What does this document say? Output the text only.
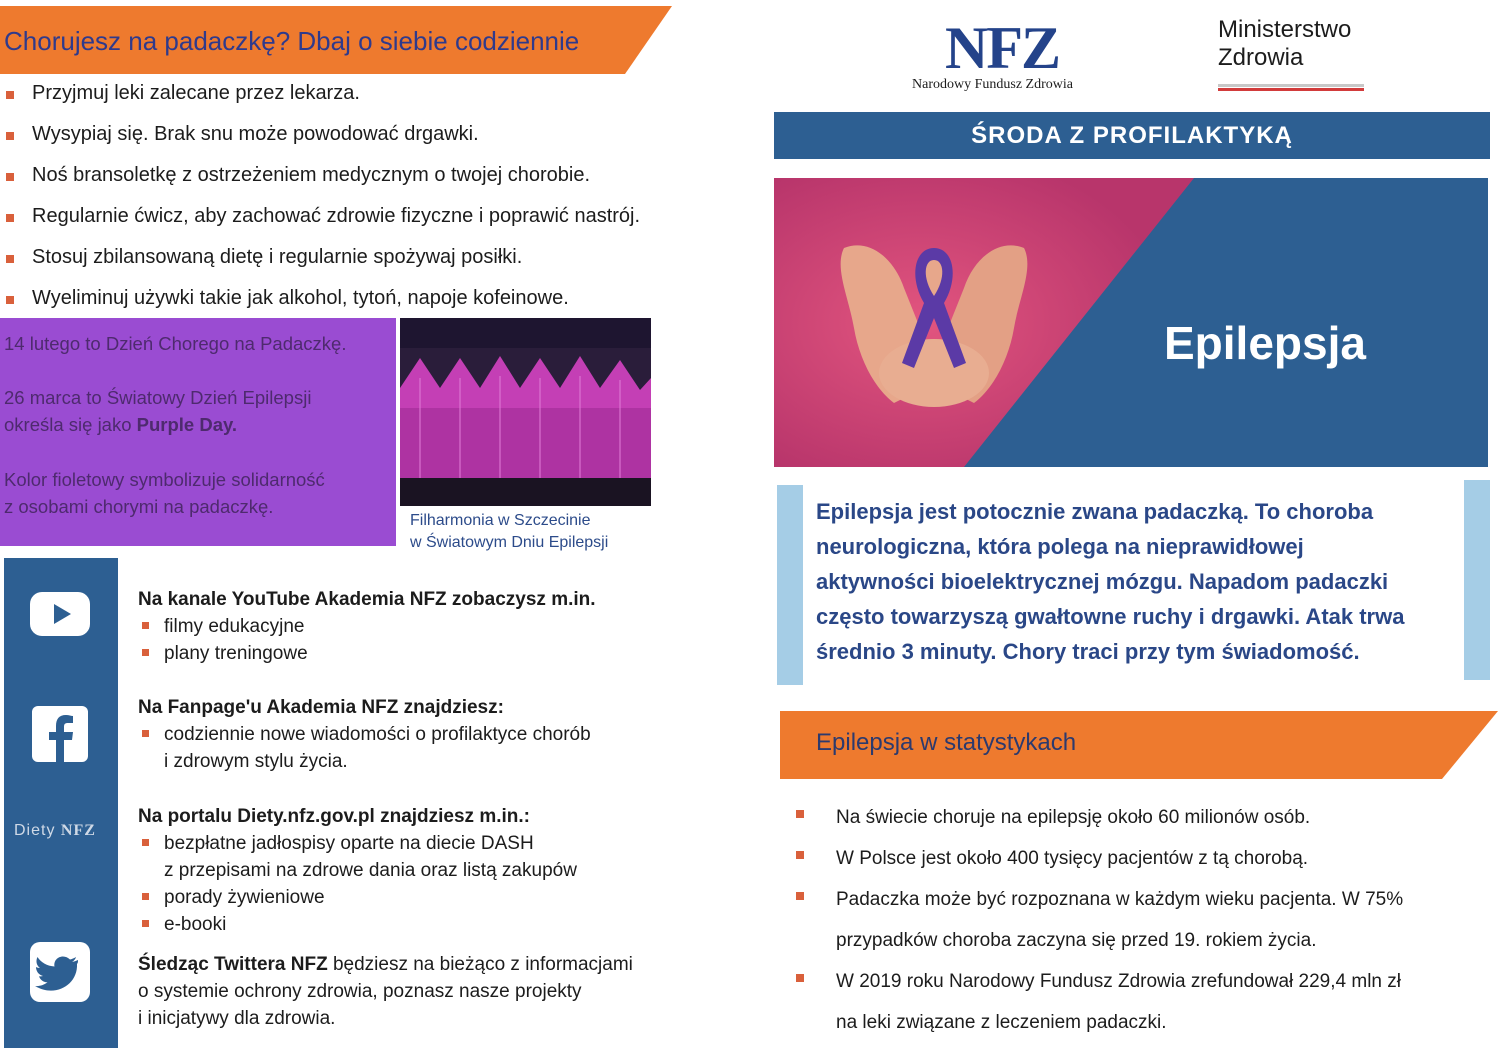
Chorujesz na padaczkę? Dbaj o siebie codziennie
Przyjmuj leki zalecane przez lekarza.
Wysypiaj się. Brak snu może powodować drgawki.
Noś bransoletkę z ostrzeżeniem medycznym o twojej chorobie.
Regularnie ćwicz, aby zachować zdrowie fizyczne i poprawić nastrój.
Stosuj zbilansowaną dietę i regularnie spożywaj posiłki.
Wyeliminuj używki takie jak alkohol, tytoń, napoje kofeinowe.

14 lutego to Dzień Chorego na Padaczkę.

26 marca to Światowy Dzień Epilepsji

określa się jako Purple Day.

Kolor fioletowy symbolizuje solidarność

z osobami chorymi na padaczkę.

Filharmonia w Szczecinie
w Światowym Dniu Epilepsji
Diety NFZ
Na kanale YouTube Akademia NFZ zobaczysz m.in.
filmy edukacyjne
plany treningowe
Na Fanpage'u Akademia NFZ znajdziesz:
codziennie nowe wiadomości o profilaktyce chorób
i zdrowym stylu życia.
Na portalu Diety.nfz.gov.pl znajdziesz m.in.:
bezpłatne jadłospisy oparte na diecie DASH
z przepisami na zdrowe dania oraz listą zakupów
porady żywieniowe
e-booki
Śledząc Twittera NFZ będziesz na bieżąco z informacjami
o systemie ochrony zdrowia, poznasz nasze projekty
i inicjatywy dla zdrowia.
NFZ
Narodowy Fundusz Zdrowia
Ministerstwo
Zdrowia
ŚRODA Z PROFILAKTYKĄ
Epilepsja
Epilepsja jest potocznie zwana padaczką. To choroba
neurologiczna, która polega na nieprawidłowej
aktywności bioelektrycznej mózgu. Napadom padaczki
często towarzyszą gwałtowne ruchy i drgawki. Atak trwa
średnio 3 minuty. Chory traci przy tym świadomość.
Epilepsja w statystykach
Na świecie choruje na epilepsję około 60 milionów osób.
W Polsce jest około 400 tysięcy pacjentów z tą chorobą.
Padaczka może być rozpoznana w każdym wieku pacjenta. W 75%
przypadków choroba zaczyna się przed 19. rokiem życia.
W 2019 roku Narodowy Fundusz Zdrowia zrefundował 229,4 mln zł
na leki związane z leczeniem padaczki.
